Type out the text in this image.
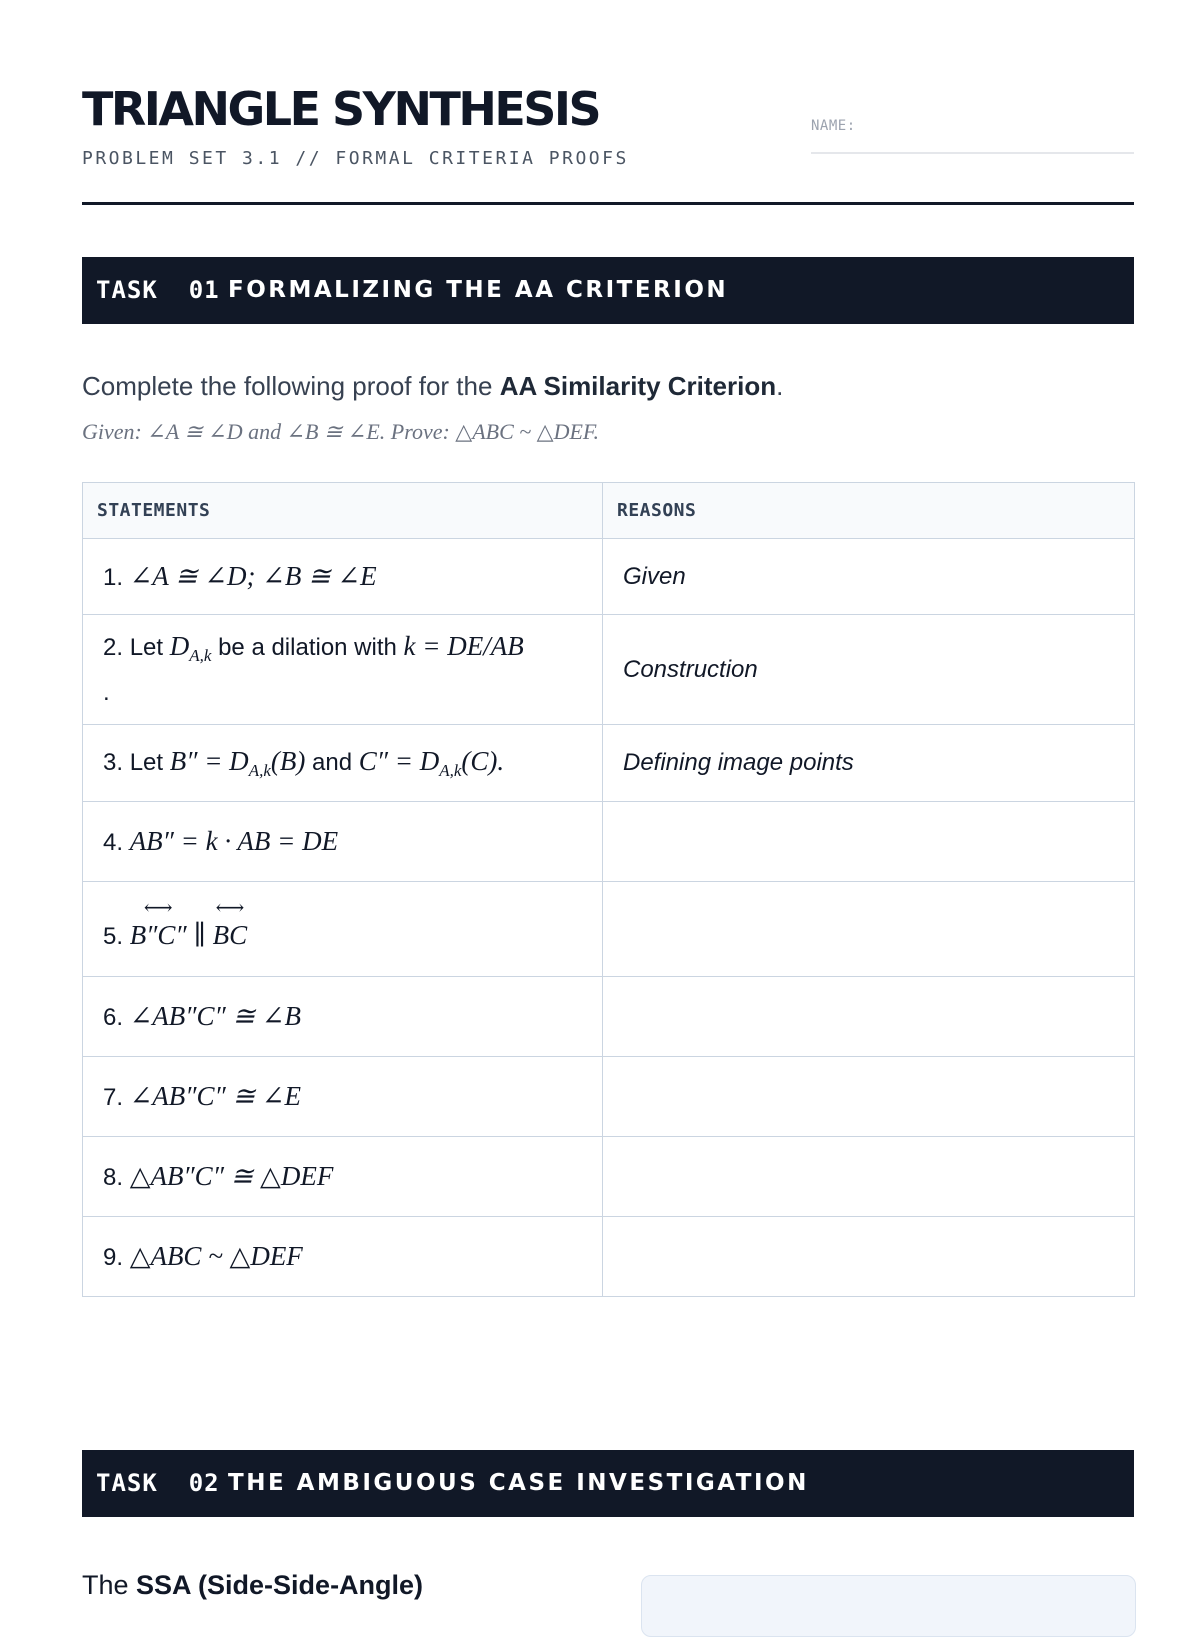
TRIANGLE SYNTHESIS
PROBLEM SET 3.1 // FORMAL CRITERIA PROOFS
NAME:
TASK  01 FORMALIZING THE AA CRITERION
Complete the following proof for the AA Similarity Criterion.
Given: ∠A ≅ ∠D and ∠B ≅ ∠E. Prove: △ABC ~ △DEF.
STATEMENTS	REASONS
1. ∠A ≅ ∠D; ∠B ≅ ∠E	Given
2. Let $D_{A,k}$ be a dilation with k = DE/AB
.	Construction
3. Let $B'' = D_{A,k}(B)$ and $C'' = D_{A,k}(C)$.	Defining image points
4. AB″ = k · AB = DE	
5. ⟷ B″C″ ∥ ⟷ BC	
6. ∠AB″C″ ≅ ∠B	
7. ∠AB″C″ ≅ ∠E	
8. △AB″C″ ≅ △DEF	
9. △ABC ~ △DEF	
TASK  02 THE AMBIGUOUS CASE INVESTIGATION
The SSA (Side-Side-Angle)
